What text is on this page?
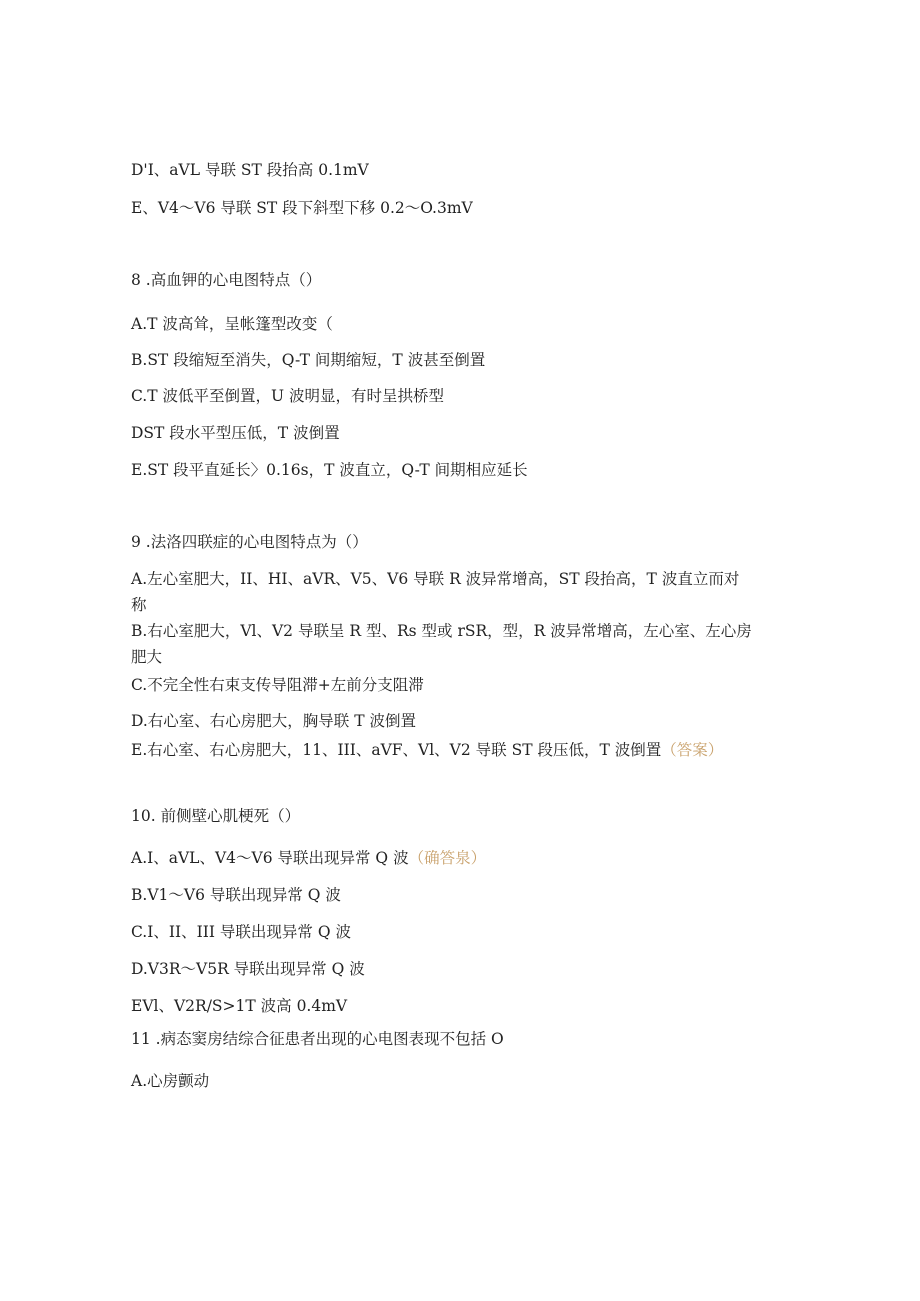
D'I、aVL 导联 ST 段抬高 0.1mV
E、V4～V6 导联 ST 段下斜型下移 0.2～O.3mV
8 .高血钾的心电图特点（）
A.T 波高耸，呈帐篷型改变（
B.ST 段缩短至消失，Q-T 间期缩短，T 波甚至倒置
C.T 波低平至倒置，U 波明显，有时呈拱桥型
DST 段水平型压低，T 波倒置
E.ST 段平直延长〉0.16s，T 波直立，Q-T 间期相应延长
9 .法洛四联症的心电图特点为（）
A.左心室肥大，II、HI、aVR、V5、V6 导联 R 波异常增高，ST 段抬高，T 波直立而对
称
B.右心室肥大，Vl、V2 导联呈 R 型、Rs 型或 rSR，型，R 波异常增高，左心室、左心房
肥大
C.不完全性右束支传导阻滞+左前分支阻滞
D.右心室、右心房肥大，胸导联 T 波倒置
E.右心室、右心房肥大，11、III、aVF、Vl、V2 导联 ST 段压低，T 波倒置（答案）
10. 前侧壁心肌梗死（）
A.I、aVL、V4～V6 导联出现异常 Q 波（确答泉）
B.V1～V6 导联出现异常 Q 波
C.I、II、III 导联出现异常 Q 波
D.V3R～V5R 导联出现异常 Q 波
EVl、V2R/S>1T 波高 0.4mV
11 .病态窦房结综合征患者出现的心电图表现不包括 O
A.心房颤动
